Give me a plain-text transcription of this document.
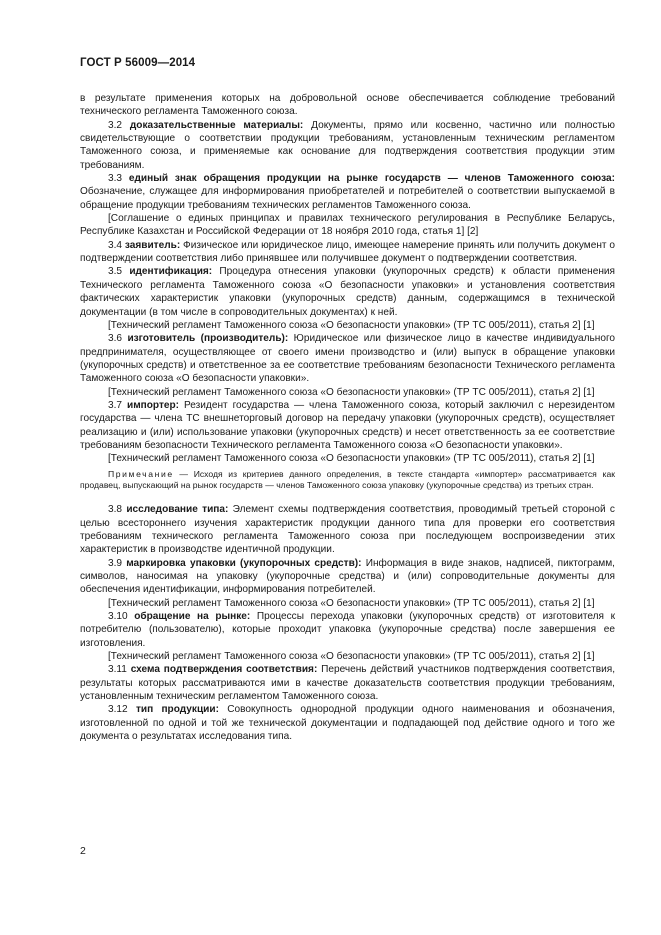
ГОСТ Р 56009—2014

в результате применения которых на добровольной основе обеспечивается соблюдение требований технического регламента Таможенного союза.

3.2 доказательственные материалы: Документы, прямо или косвенно, частично или полностью свидетельствующие о соответствии продукции требованиям, установленным техническим регламентом Таможенного союза, и применяемые как основание для подтверждения соответствия продукции этим требованиям.

3.3 единый знак обращения продукции на рынке государств — членов Таможенного союза: Обозначение, служащее для информирования приобретателей и потребителей о соответствии выпускаемой в обращение продукции требованиям технических регламентов Таможенного союза.

[Соглашение о единых принципах и правилах технического регулирования в Республике Беларусь, Республике Казахстан и Российской Федерации от 18 ноября 2010 года, статья 1] [2]

3.4 заявитель: Физическое или юридическое лицо, имеющее намерение принять или получить документ о подтверждении соответствия либо принявшее или получившее документ о подтверждении соответствия.

3.5 идентификация: Процедура отнесения упаковки (укупорочных средств) к области применения Технического регламента Таможенного союза «О безопасности упаковки» и установления соответствия фактических характеристик упаковки (укупорочных средств) данным, содержащимся в технической документации (в том числе в сопроводительных документах) к ней.

[Технический регламент Таможенного союза «О безопасности упаковки» (ТР ТС 005/2011), статья 2] [1]

3.6 изготовитель (производитель): Юридическое или физическое лицо в качестве индивидуального предпринимателя, осуществляющее от своего имени производство и (или) выпуск в обращение упаковки (укупорочных средств) и ответственное за ее соответствие требованиям безопасности Технического регламента Таможенного союза «О безопасности упаковки».

[Технический регламент Таможенного союза «О безопасности упаковки» (ТР ТС 005/2011), статья 2] [1]

3.7 импортер: Резидент государства — члена Таможенного союза, который заключил с нерезидентом государства — члена ТС внешнеторговый договор на передачу упаковки (укупорочных средств), осуществляет реализацию и (или) использование упаковки (укупорочных средств) и несет ответственность за ее соответствие требованиям безопасности Технического регламента Таможенного союза «О безопасности упаковки».

[Технический регламент Таможенного союза «О безопасности упаковки» (ТР ТС 005/2011), статья 2] [1]

Примечание — Исходя из критериев данного определения, в тексте стандарта «импортер» рассматривается как продавец, выпускающий на рынок государств — членов Таможенного союза упаковку (укупорочные средства) из третьих стран.

3.8 исследование типа: Элемент схемы подтверждения соответствия, проводимый третьей стороной с целью всестороннего изучения характеристик продукции данного типа для проверки его соответствия требованиям технического регламента Таможенного союза при последующем воспроизведении этих характеристик в производстве идентичной продукции.

3.9 маркировка упаковки (укупорочных средств): Информация в виде знаков, надписей, пиктограмм, символов, наносимая на упаковку (укупорочные средства) и (или) сопроводительные документы для обеспечения идентификации, информирования потребителей.

[Технический регламент Таможенного союза «О безопасности упаковки» (ТР ТС 005/2011), статья 2] [1]

3.10 обращение на рынке: Процессы перехода упаковки (укупорочных средств) от изготовителя к потребителю (пользователю), которые проходит упаковка (укупорочные средства) после завершения ее изготовления.

[Технический регламент Таможенного союза «О безопасности упаковки» (ТР ТС 005/2011), статья 2] [1]

3.11 схема подтверждения соответствия: Перечень действий участников подтверждения соответствия, результаты которых рассматриваются ими в качестве доказательств соответствия продукции требованиям, установленным техническим регламентом Таможенного союза.

3.12 тип продукции: Совокупность однородной продукции одного наименования и обозначения, изготовленной по одной и той же технической документации и подпадающей под действие одного и того же документа о результатах исследования типа.

2
